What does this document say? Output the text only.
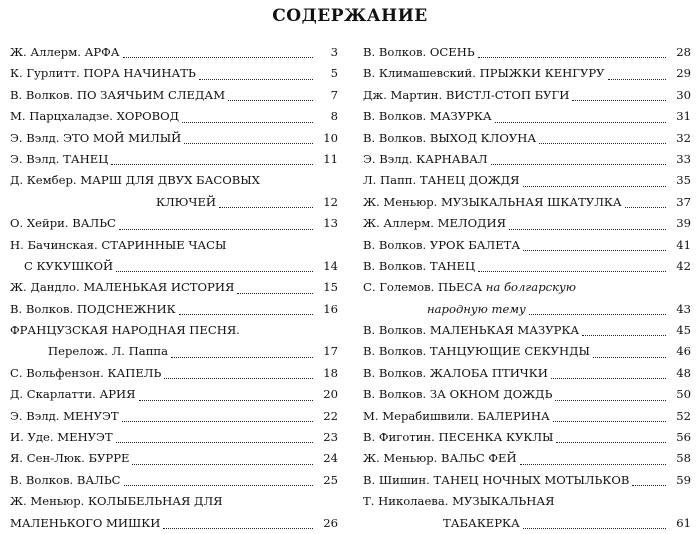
СОДЕРЖАНИЕ
Ж. Аллерм. АРФА	3
К. Гурлитт. ПОРА НАЧИНАТЬ	5
В. Волков. ПО ЗАЯЧЬИМ СЛЕДАМ	7
М. Парцхаладзе. ХОРОВОД	8
Э. Вэлд. ЭТО МОЙ МИЛЫЙ	10
Э. Вэлд. ТАНЕЦ	11
Д. Кембер. МАРШ ДЛЯ ДВУХ БАСОВЫХ
КЛЮЧЕЙ	12
О. Хейри. ВАЛЬС	13
Н. Бачинская. СТАРИННЫЕ ЧАСЫ
С КУКУШКОЙ	14
Ж. Дандло. МАЛЕНЬКАЯ ИСТОРИЯ	15
В. Волков. ПОДСНЕЖНИК	16
ФРАНЦУЗСКАЯ НАРОДНАЯ ПЕСНЯ.
Перелож. Л. Паппа	17
С. Вольфензон. КАПЕЛЬ	18
Д. Скарлатти. АРИЯ	20
Э. Вэлд. МЕНУЭТ	22
И. Уде. МЕНУЭТ	23
Я. Сен-Люк. БУРРЕ	24
В. Волков. ВАЛЬС	25
Ж. Меньюр. КОЛЫБЕЛЬНАЯ ДЛЯ
МАЛЕНЬКОГО МИШКИ	26
В. Волков. ОСЕНЬ	28
В. Климашевский. ПРЫЖКИ КЕНГУРУ	29
Дж. Мартин. ВИСТЛ-СТОП БУГИ	30
В. Волков. МАЗУРКА	31
В. Волков. ВЫХОД КЛОУНА	32
Э. Вэлд. КАРНАВАЛ	33
Л. Папп. ТАНЕЦ ДОЖДЯ	35
Ж. Меньюр. МУЗЫКАЛЬНАЯ ШКАТУЛКА	37
Ж. Аллерм. МЕЛОДИЯ	39
В. Волков. УРОК БАЛЕТА	41
В. Волков. ТАНЕЦ	42
С. Големов. ПЬЕСА на болгарскую
народную тему	43
В. Волков. МАЛЕНЬКАЯ МАЗУРКА	45
В. Волков. ТАНЦУЮЩИЕ СЕКУНДЫ	46
В. Волков. ЖАЛОБА ПТИЧКИ	48
В. Волков. ЗА ОКНОМ ДОЖДЬ	50
М. Мерабишвили. БАЛЕРИНА	52
В. Фиготин. ПЕСЕНКА КУКЛЫ	56
Ж. Меньюр. ВАЛЬС ФЕЙ	58
В. Шишин. ТАНЕЦ НОЧНЫХ МОТЫЛЬКОВ	59
Т. Николаева. МУЗЫКАЛЬНАЯ
ТАБАКЕРКА	61
